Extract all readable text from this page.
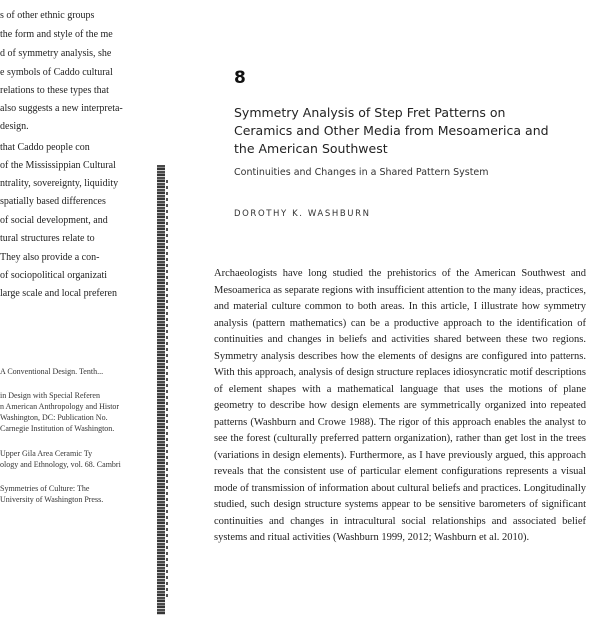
s of other ethnic groups
the form and style of the me
d of symmetry analysis, she
e symbols of Caddo cultural
relations to these types that
also suggests a new interpreta-
design.
that Caddo people con
of the Mississippian Cultural
ntrality, sovereignty, liquidity
spatially based differences
of social development, and
tural structures relate to
They also provide a con-
of sociopolitical organizati
large scale and local preferen
A Conventional Design. Tenth...
in Design with Special Referen
n American Anthropology and Histor
Washington, DC: Publication No.
Carnegie Institution of Washington.
Upper Gila Area Ceramic Ty
ology and Ethnology, vol. 68. Cambri
Symmetries of Culture: The
University of Washington Press.
8
Symmetry Analysis of Step Fret Patterns on Ceramics and Other Media from Mesoamerica and the American Southwest
Continuities and Changes in a Shared Pattern System
DOROTHY K. WASHBURN
Archaeologists have long studied the prehistorics of the American Southwest and Mesoamerica as separate regions with insufficient attention to the many ideas, practices, and material culture common to both areas. In this article, I illustrate how symmetry analysis (pattern mathematics) can be a productive approach to the identification of continuities and changes in beliefs and activities shared between these two regions. Symmetry analysis describes how the elements of designs are configured into patterns. With this approach, analysis of design structure replaces idiosyncratic motif descriptions of element shapes with a mathematical language that uses the motions of plane geometry to describe how design elements are symmetrically organized into repeated patterns (Washburn and Crowe 1988). The rigor of this approach enables the analyst to see the forest (culturally preferred pattern organization), rather than get lost in the trees (variations in design elements). Furthermore, as I have previously argued, this approach reveals that the consistent use of particular element configurations represents a visual mode of transmission of information about cultural beliefs and practices. Longitudinally studied, such design structure systems appear to be sensitive barometers of significant continuities and changes in intracultural social relationships and associated belief systems and ritual activities (Washburn 1999, 2012; Washburn et al. 2010).
